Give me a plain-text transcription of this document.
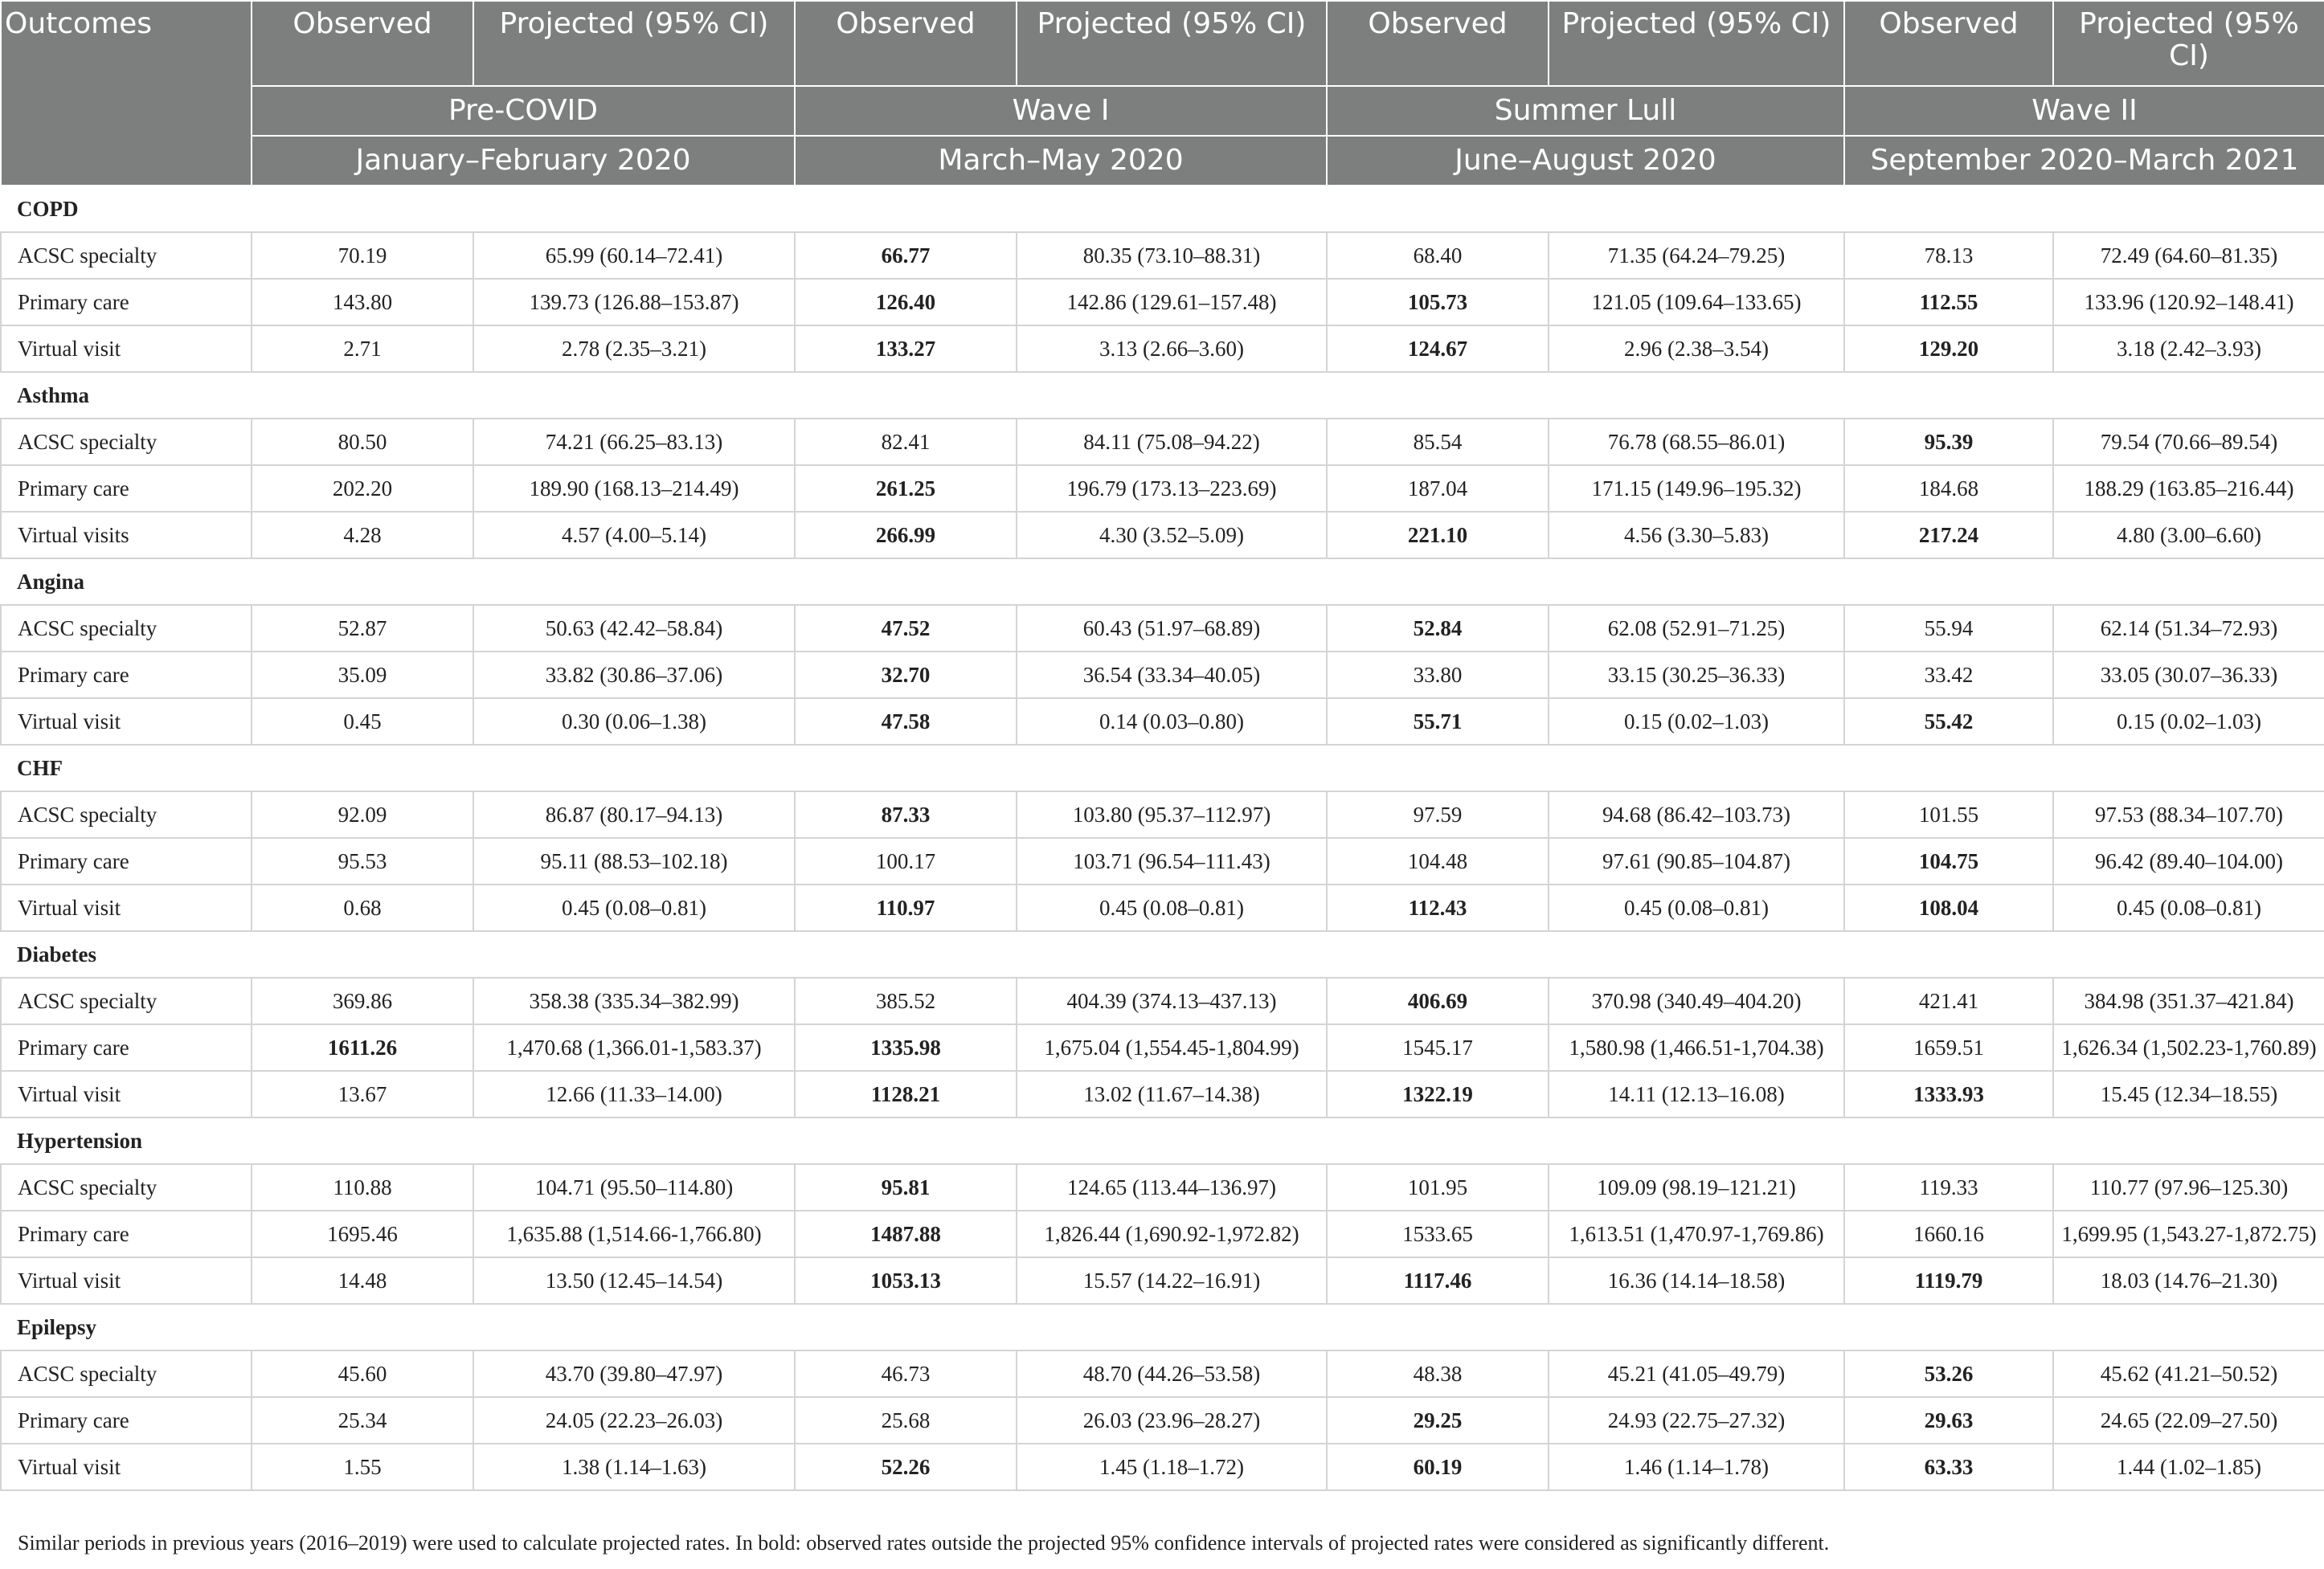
Outcomes	Observed	Projected (95% CI)	Observed	Projected (95% CI)	Observed	Projected (95% CI)	Observed	Projected (95% CI)
	Pre-COVID		Wave I		Summer Lull		Wave II	
	January–February 2020		March–May 2020		June–August 2020		September 2020–March 2021	
COPD								
ACSC specialty	70.19	65.99 (60.14–72.41)	66.77	80.35 (73.10–88.31)	68.40	71.35 (64.24–79.25)	78.13	72.49 (64.60–81.35)
Primary care	143.80	139.73 (126.88–153.87)	126.40	142.86 (129.61–157.48)	105.73	121.05 (109.64–133.65)	112.55	133.96 (120.92–148.41)
Virtual visit	2.71	2.78 (2.35–3.21)	133.27	3.13 (2.66–3.60)	124.67	2.96 (2.38–3.54)	129.20	3.18 (2.42–3.93)
Asthma								
ACSC specialty	80.50	74.21 (66.25–83.13)	82.41	84.11 (75.08–94.22)	85.54	76.78 (68.55–86.01)	95.39	79.54 (70.66–89.54)
Primary care	202.20	189.90 (168.13–214.49)	261.25	196.79 (173.13–223.69)	187.04	171.15 (149.96–195.32)	184.68	188.29 (163.85–216.44)
Virtual visits	4.28	4.57 (4.00–5.14)	266.99	4.30 (3.52–5.09)	221.10	4.56 (3.30–5.83)	217.24	4.80 (3.00–6.60)
Angina								
ACSC specialty	52.87	50.63 (42.42–58.84)	47.52	60.43 (51.97–68.89)	52.84	62.08 (52.91–71.25)	55.94	62.14 (51.34–72.93)
Primary care	35.09	33.82 (30.86–37.06)	32.70	36.54 (33.34–40.05)	33.80	33.15 (30.25–36.33)	33.42	33.05 (30.07–36.33)
Virtual visit	0.45	0.30 (0.06–1.38)	47.58	0.14 (0.03–0.80)	55.71	0.15 (0.02–1.03)	55.42	0.15 (0.02–1.03)
CHF								
ACSC specialty	92.09	86.87 (80.17–94.13)	87.33	103.80 (95.37–112.97)	97.59	94.68 (86.42–103.73)	101.55	97.53 (88.34–107.70)
Primary care	95.53	95.11 (88.53–102.18)	100.17	103.71 (96.54–111.43)	104.48	97.61 (90.85–104.87)	104.75	96.42 (89.40–104.00)
Virtual visit	0.68	0.45 (0.08–0.81)	110.97	0.45 (0.08–0.81)	112.43	0.45 (0.08–0.81)	108.04	0.45 (0.08–0.81)
Diabetes								
ACSC specialty	369.86	358.38 (335.34–382.99)	385.52	404.39 (374.13–437.13)	406.69	370.98 (340.49–404.20)	421.41	384.98 (351.37–421.84)
Primary care	1611.26	1,470.68 (1,366.01-1,583.37)	1335.98	1,675.04 (1,554.45-1,804.99)	1545.17	1,580.98 (1,466.51-1,704.38)	1659.51	1,626.34 (1,502.23-1,760.89)
Virtual visit	13.67	12.66 (11.33–14.00)	1128.21	13.02 (11.67–14.38)	1322.19	14.11 (12.13–16.08)	1333.93	15.45 (12.34–18.55)
Hypertension								
ACSC specialty	110.88	104.71 (95.50–114.80)	95.81	124.65 (113.44–136.97)	101.95	109.09 (98.19–121.21)	119.33	110.77 (97.96–125.30)
Primary care	1695.46	1,635.88 (1,514.66-1,766.80)	1487.88	1,826.44 (1,690.92-1,972.82)	1533.65	1,613.51 (1,470.97-1,769.86)	1660.16	1,699.95 (1,543.27-1,872.75)
Virtual visit	14.48	13.50 (12.45–14.54)	1053.13	15.57 (14.22–16.91)	1117.46	16.36 (14.14–18.58)	1119.79	18.03 (14.76–21.30)
Epilepsy								
ACSC specialty	45.60	43.70 (39.80–47.97)	46.73	48.70 (44.26–53.58)	48.38	45.21 (41.05–49.79)	53.26	45.62 (41.21–50.52)
Primary care	25.34	24.05 (22.23–26.03)	25.68	26.03 (23.96–28.27)	29.25	24.93 (22.75–27.32)	29.63	24.65 (22.09–27.50)
Virtual visit	1.55	1.38 (1.14–1.63)	52.26	1.45 (1.18–1.72)	60.19	1.46 (1.14–1.78)	63.33	1.44 (1.02–1.85)
Similar periods in previous years (2016–2019) were used to calculate projected rates. In bold: observed rates outside the projected 95% confidence intervals of projected rates were considered as significantly different.
